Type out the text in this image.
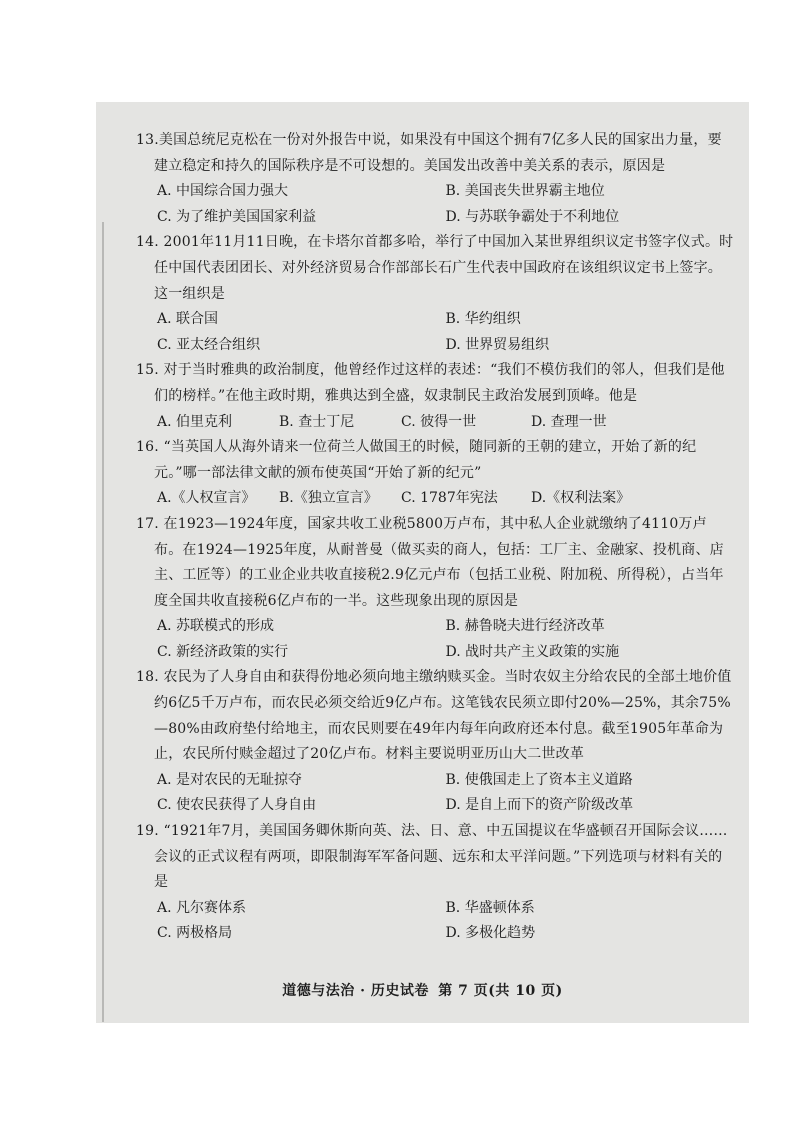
13.美国总统尼克松在一份对外报告中说，如果没有中国这个拥有7亿多人民的国家出力量，要建立稳定和持久的国际秩序是不可设想的。美国发出改善中美关系的表示，原因是
A. 中国综合国力强大	B. 美国丧失世界霸主地位
C. 为了维护美国国家利益	D. 与苏联争霸处于不利地位
14. 2001年11月11日晚，在卡塔尔首都多哈，举行了中国加入某世界组织议定书签字仪式。时任中国代表团团长、对外经济贸易合作部部长石广生代表中国政府在该组织议定书上签字。这一组织是
A. 联合国	B. 华约组织
C. 亚太经合组织	D. 世界贸易组织
15. 对于当时雅典的政治制度，他曾经作过这样的表述：“我们不模仿我们的邻人，但我们是他们的榜样。”在他主政时期，雅典达到全盛，奴隶制民主政治发展到顶峰。他是
A. 伯里克利	B. 查士丁尼	C. 彼得一世	D. 查理一世
16. “当英国人从海外请来一位荷兰人做国王的时候，随同新的王朝的建立，开始了新的纪元。”哪一部法律文献的颁布使英国“开始了新的纪元”
A.《人权宣言》	B.《独立宣言》	C. 1787年宪法	D.《权利法案》
17. 在1923—1924年度，国家共收工业税5800万卢布，其中私人企业就缴纳了4110万卢布。在1924—1925年度，从耐普曼（做买卖的商人，包括：工厂主、金融家、投机商、店主、工匠等）的工业企业共收直接税2.9亿元卢布（包括工业税、附加税、所得税），占当年度全国共收直接税6亿卢布的一半。这些现象出现的原因是
A. 苏联模式的形成	B. 赫鲁晓夫进行经济改革
C. 新经济政策的实行	D. 战时共产主义政策的实施
18. 农民为了人身自由和获得份地必须向地主缴纳赎买金。当时农奴主分给农民的全部土地价值约6亿5千万卢布，而农民必须交给近9亿卢布。这笔钱农民须立即付20%—25%，其余75%—80%由政府垫付给地主，而农民则要在49年内每年向政府还本付息。截至1905年革命为止，农民所付赎金超过了20亿卢布。材料主要说明亚历山大二世改革
A. 是对农民的无耻掠夺	B. 使俄国走上了资本主义道路
C. 使农民获得了人身自由	D. 是自上而下的资产阶级改革
19. “1921年7月，美国国务卿休斯向英、法、日、意、中五国提议在华盛顿召开国际会议……会议的正式议程有两项，即限制海军军备问题、远东和太平洋问题。”下列选项与材料有关的是
A. 凡尔赛体系	B. 华盛顿体系
C. 两极格局	D. 多极化趋势
道德与法治 · 历史试卷 第 7 页(共 10 页)
